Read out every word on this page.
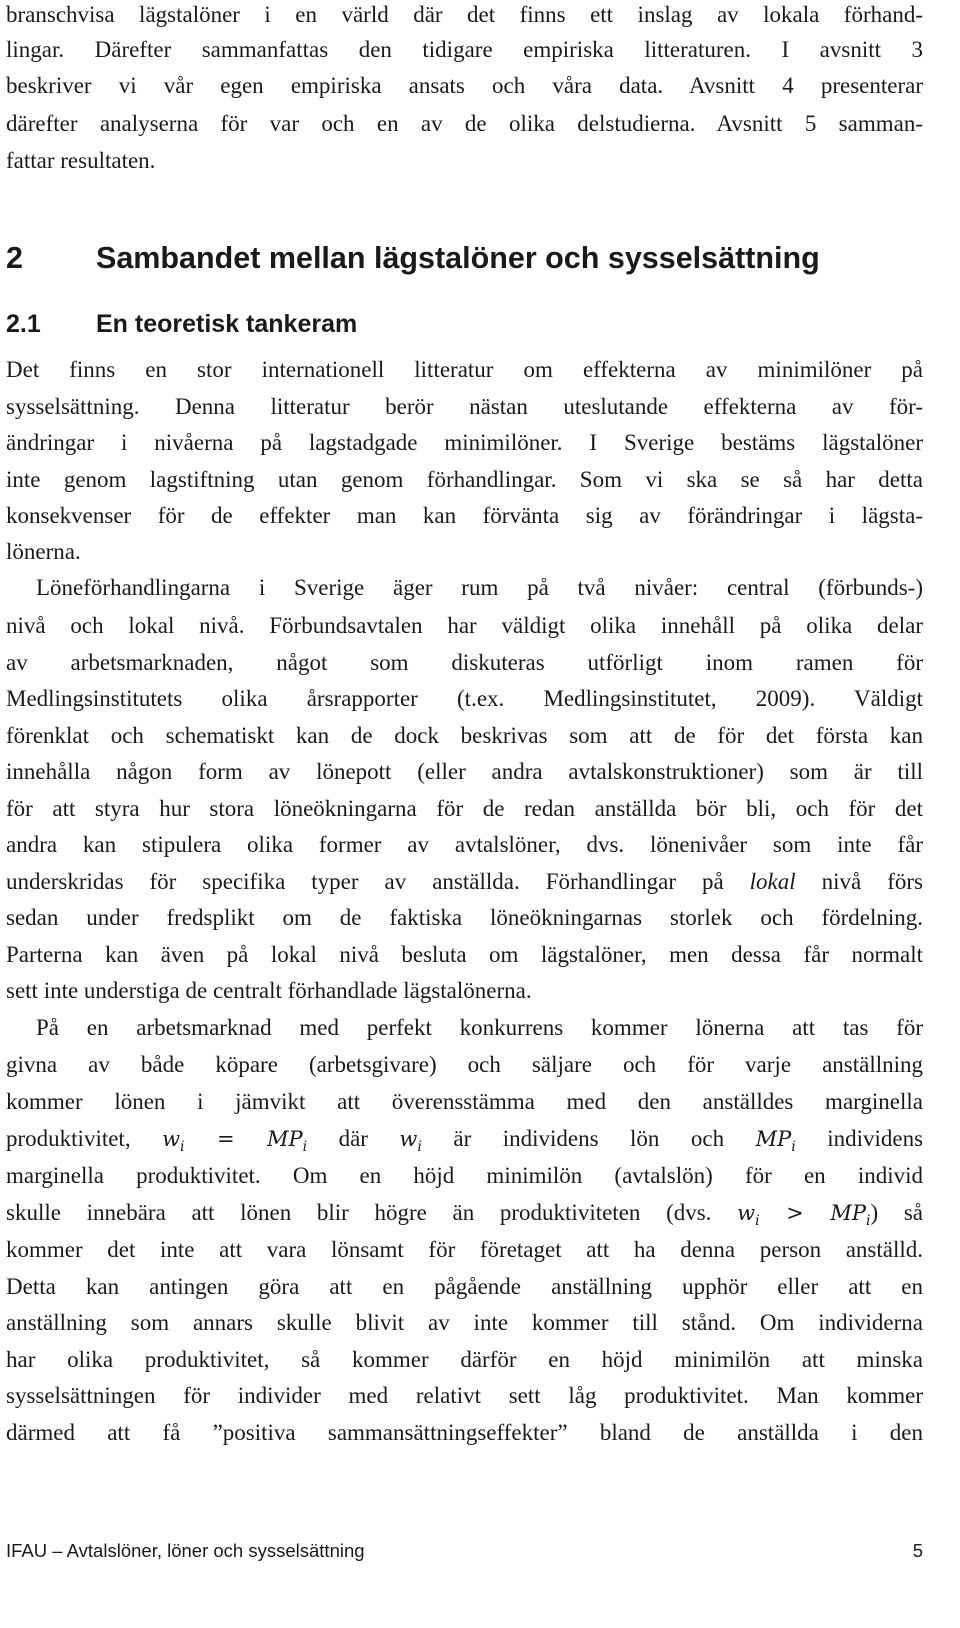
branschvisa lägstalöner i en värld där det finns ett inslag av lokala förhand-
lingar. Därefter sammanfattas den tidigare empiriska litteraturen. I avsnitt 3
beskriver vi vår egen empiriska ansats och våra data. Avsnitt 4 presenterar
därefter analyserna för var och en av de olika delstudierna. Avsnitt 5 samman-
fattar resultaten.
2 Sambandet mellan lägstalöner och sysselsättning
2.1 En teoretisk tankeram
Det finns en stor internationell litteratur om effekterna av minimilöner på
sysselsättning. Denna litteratur berör nästan uteslutande effekterna av för-
ändringar i nivåerna på lagstadgade minimilöner. I Sverige bestäms lägstalöner
inte genom lagstiftning utan genom förhandlingar. Som vi ska se så har detta
konsekvenser för de effekter man kan förvänta sig av förändringar i lägsta-
lönerna.
Löneförhandlingarna i Sverige äger rum på två nivåer: central (förbunds-)
nivå och lokal nivå. Förbundsavtalen har väldigt olika innehåll på olika delar
av arbetsmarknaden, något som diskuteras utförligt inom ramen för
Medlingsinstitutets olika årsrapporter (t.ex. Medlingsinstitutet, 2009). Väldigt
förenklat och schematiskt kan de dock beskrivas som att de för det första kan
innehålla någon form av lönepott (eller andra avtalskonstruktioner) som är till
för att styra hur stora löneökningarna för de redan anställda bör bli, och för det
andra kan stipulera olika former av avtalslöner, dvs. lönenivåer som inte får
underskridas för specifika typer av anställda. Förhandlingar på lokal nivå förs
sedan under fredsplikt om de faktiska löneökningarnas storlek och fördelning.
Parterna kan även på lokal nivå besluta om lägstalöner, men dessa får normalt
sett inte understiga de centralt förhandlade lägstalönerna.
På en arbetsmarknad med perfekt konkurrens kommer lönerna att tas för
givna av både köpare (arbetsgivare) och säljare och för varje anställning
kommer lönen i jämvikt att överensstämma med den anställdes marginella
produktivitet, $w_i = MP_i$ där $w_i$ är individens lön och $MP_i$ individens
marginella produktivitet. Om en höjd minimilön (avtalslön) för en individ
skulle innebära att lönen blir högre än produktiviteten (dvs. $w_i > MP_i$) så
kommer det inte att vara lönsamt för företaget att ha denna person anställd.
Detta kan antingen göra att en pågående anställning upphör eller att en
anställning som annars skulle blivit av inte kommer till stånd. Om individerna
har olika produktivitet, så kommer därför en höjd minimilön att minska
sysselsättningen för individer med relativt sett låg produktivitet. Man kommer
därmed att få ”positiva sammansättningseffekter” bland de anställda i den
IFAU – Avtalslöner, löner och sysselsättning	5
